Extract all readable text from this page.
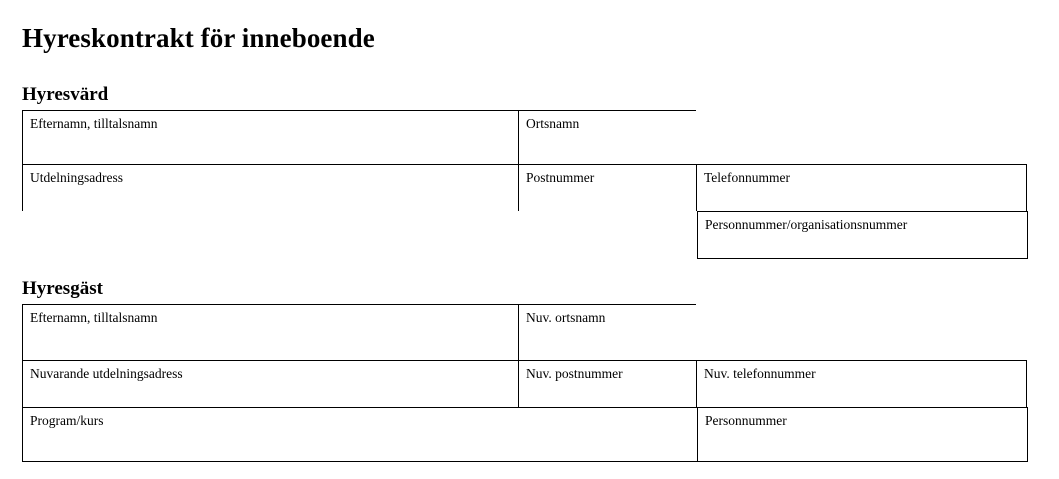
Hyreskontrakt för inneboende
Hyresvärd
Efternamn, tilltalsnamn	Ortsnamn
Utdelningsadress	Postnummer	Telefonnummer
Personnummer/organisationsnummer
Hyresgäst
Efternamn, tilltalsnamn	Nuv. ortsnamn
Nuvarande utdelningsadress	Nuv. postnummer	Nuv. telefonnummer
Program/kurs	Personnummer
